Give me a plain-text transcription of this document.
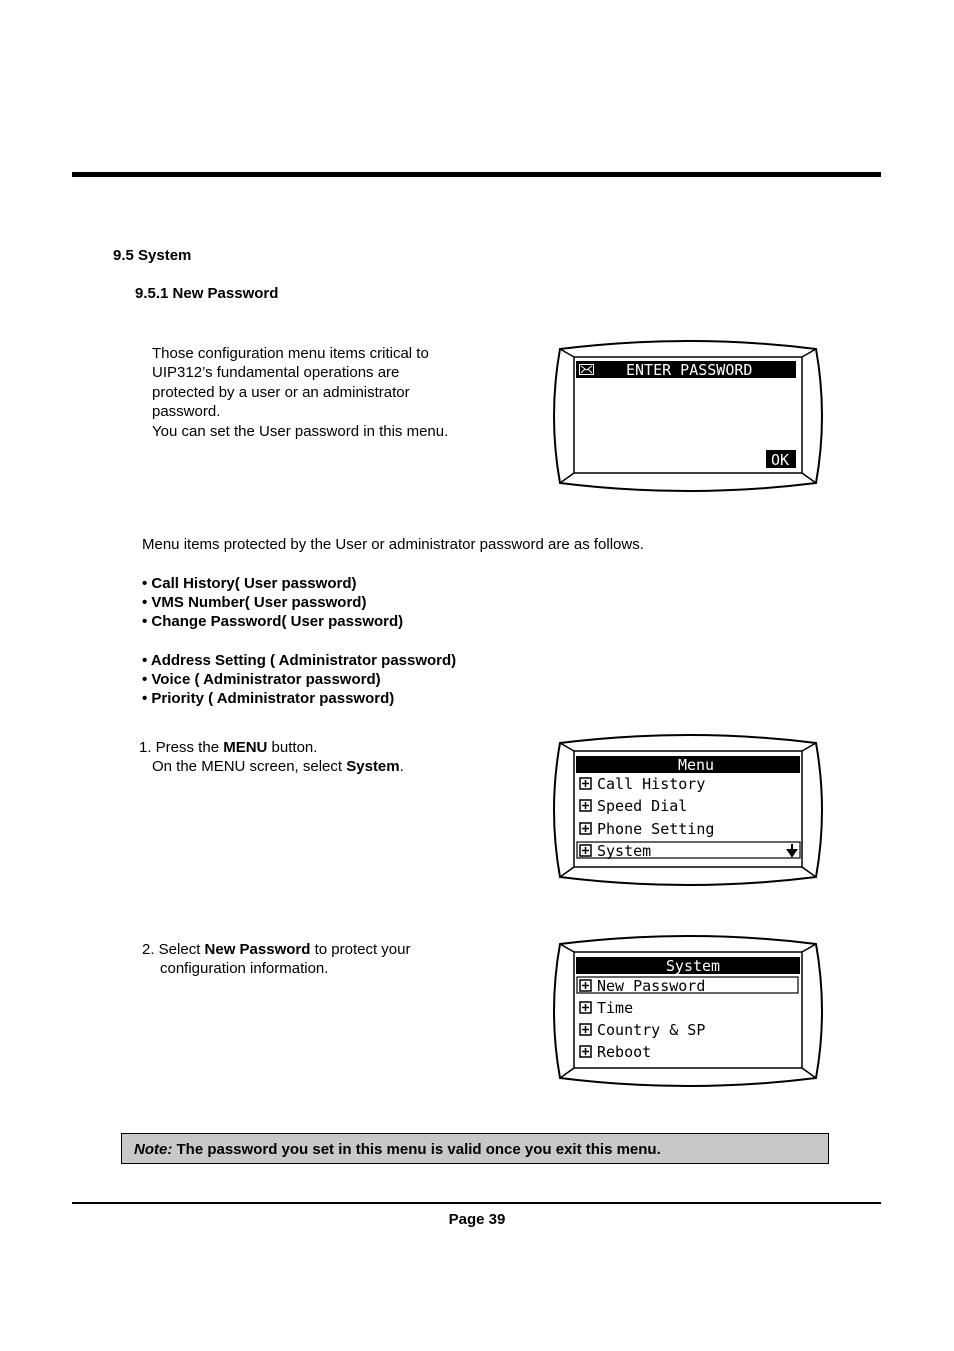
9.5 System
9.5.1 New Password
Those configuration menu items critical to
UIP312’s fundamental operations are
protected by a user or an administrator
password.
You can set the User password in this menu.
ENTER PASSWORD
OK
Menu items protected by the User or administrator password are as follows.
• Call History( User password)
• VMS Number( User password)
• Change Password( User password)
• Address Setting ( Administrator password)
• Voice ( Administrator password)
• Priority ( Administrator password)
1. Press the MENU button.
On the MENU screen, select System.	Menu
Call History
Speed Dial
Phone Setting
System
2. Select New Password to protect your
configuration information.	System
New Password
Time
Country & SP
Reboot
Note: The password you set in this menu is valid once you exit this menu.
Page 39
